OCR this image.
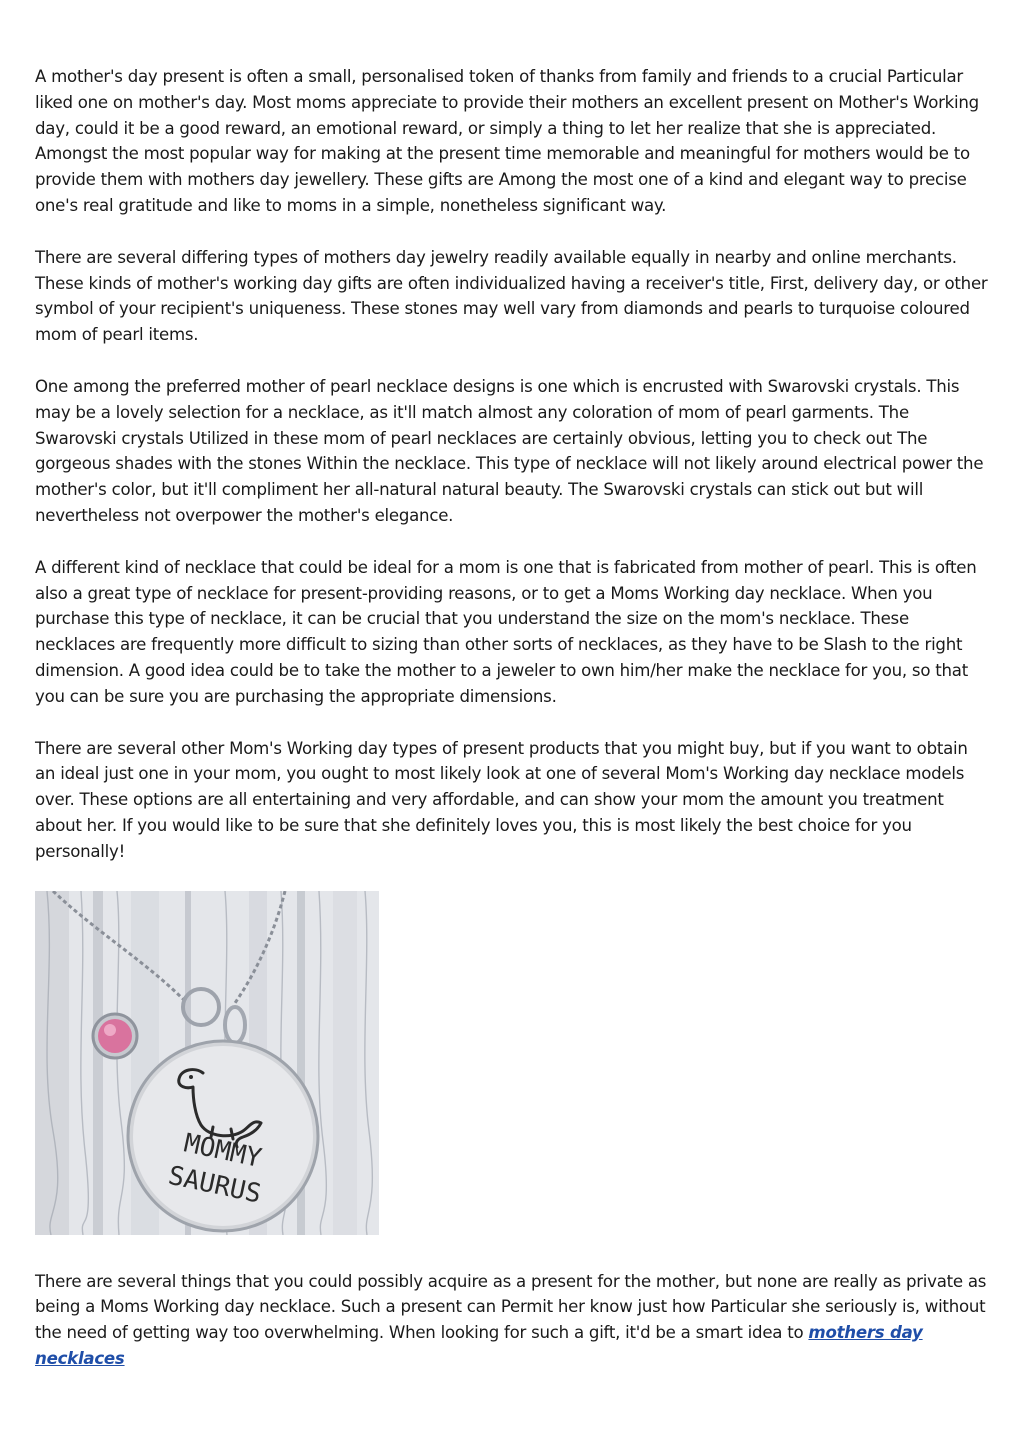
A mother's day present is often a small, personalised token of thanks from family and friends to a crucial Particular liked one on mother's day. Most moms appreciate to provide their mothers an excellent present on Mother's Working day, could it be a good reward, an emotional reward, or simply a thing to let her realize that she is appreciated. Amongst the most popular way for making at the present time memorable and meaningful for mothers would be to provide them with mothers day jewellery. These gifts are Among the most one of a kind and elegant way to precise one's real gratitude and like to moms in a simple, nonetheless significant way.

There are several differing types of mothers day jewelry readily available equally in nearby and online merchants. These kinds of mother's working day gifts are often individualized having a receiver's title, First, delivery day, or other symbol of your recipient's uniqueness. These stones may well vary from diamonds and pearls to turquoise coloured mom of pearl items.

One among the preferred mother of pearl necklace designs is one which is encrusted with Swarovski crystals. This may be a lovely selection for a necklace, as it'll match almost any coloration of mom of pearl garments. The Swarovski crystals Utilized in these mom of pearl necklaces are certainly obvious, letting you to check out The gorgeous shades with the stones Within the necklace. This type of necklace will not likely around electrical power the mother's color, but it'll compliment her all-natural natural beauty. The Swarovski crystals can stick out but will nevertheless not overpower the mother's elegance.

A different kind of necklace that could be ideal for a mom is one that is fabricated from mother of pearl. This is often also a great type of necklace for present-providing reasons, or to get a Moms Working day necklace. When you purchase this type of necklace, it can be crucial that you understand the size on the mom's necklace. These necklaces are frequently more difficult to sizing than other sorts of necklaces, as they have to be Slash to the right dimension. A good idea could be to take the mother to a jeweler to own him/her make the necklace for you, so that you can be sure you are purchasing the appropriate dimensions.

There are several other Mom's Working day types of present products that you might buy, but if you want to obtain an ideal just one in your mom, you ought to most likely look at one of several Mom's Working day necklace models over. These options are all entertaining and very affordable, and can show your mom the amount you treatment about her. If you would like to be sure that she definitely loves you, this is most likely the best choice for you personally!

MOMMY
SAURUS

There are several things that you could possibly acquire as a present for the mother, but none are really as private as being a Moms Working day necklace. Such a present can Permit her know just how Particular she seriously is, without the need of getting way too overwhelming. When looking for such a gift, it'd be a smart idea to mothers day necklaces
